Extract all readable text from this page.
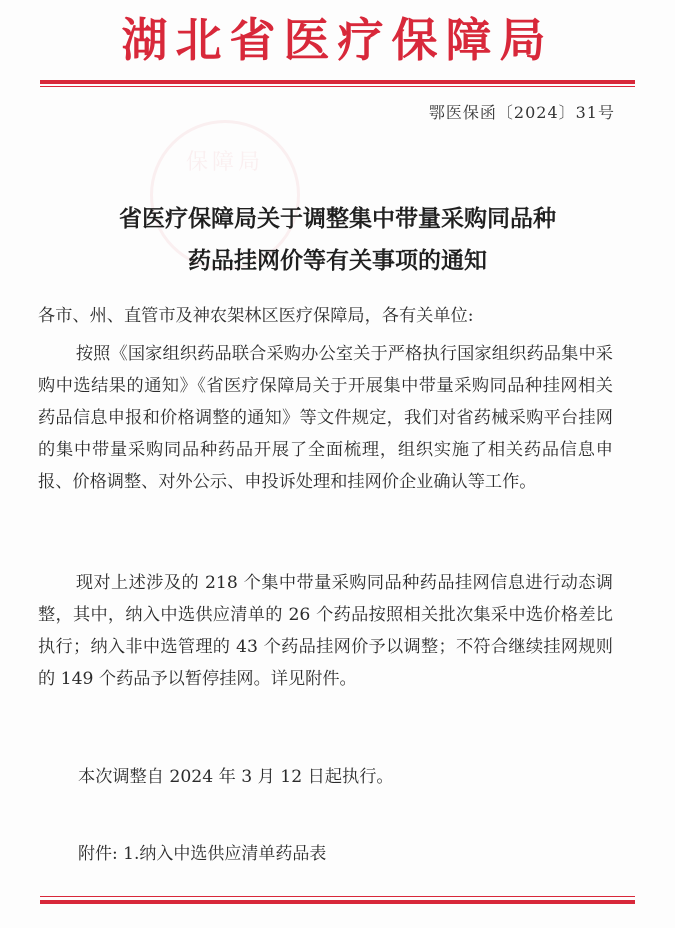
湖北省医疗保障局
鄂医保函〔2024〕31号
保障局
省医疗保障局关于调整集中带量采购同品种
药品挂网价等有关事项的通知
各市、州、直管市及神农架林区医疗保障局，各有关单位:
按照《国家组织药品联合采购办公室关于严格执行国家组织药品集中采购中选结果的通知》《省医疗保障局关于开展集中带量采购同品种挂网相关药品信息申报和价格调整的通知》等文件规定，我们对省药械采购平台挂网的集中带量采购同品种药品开展了全面梳理，组织实施了相关药品信息申报、价格调整、对外公示、申投诉处理和挂网价企业确认等工作。
现对上述涉及的 218 个集中带量采购同品种药品挂网信息进行动态调整，其中，纳入中选供应清单的 26 个药品按照相关批次集采中选价格差比执行；纳入非中选管理的 43 个药品挂网价予以调整；不符合继续挂网规则的 149 个药品予以暂停挂网。详见附件。
本次调整自 2024 年 3 月 12 日起执行。
附件: 1.纳入中选供应清单药品表
